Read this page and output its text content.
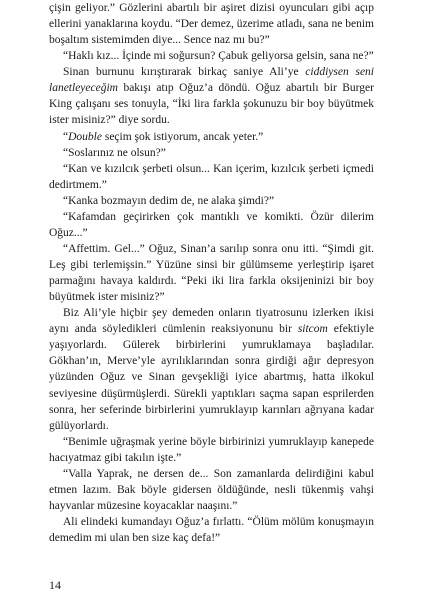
çişin geliyor.” Gözlerini abartılı bir aşiret dizisi oyuncuları gibi açıp ellerini yanaklarına koydu. “Der demez, üzerime atladı, sana ne benim boşaltım sistemimden diye... Sence naz mı bu?”

“Haklı kız... İçinde mi soğursun? Çabuk geliyorsa gelsin, sana ne?”

Sinan burnunu kırıştırarak birkaç saniye Ali’ye ciddiysen seni lanetleyeceğim bakışı atıp Oğuz’a döndü. Oğuz abartılı bir Burger King çalışanı ses tonuyla, “İki lira farkla şokunuzu bir boy büyütmek ister misiniz?” diye sordu.

“Double seçim şok istiyorum, ancak yeter.”

“Soslarınız ne olsun?”

“Kan ve kızılcık şerbeti olsun... Kan içerim, kızılcık şerbeti içmedi dedirtmem.”

“Kanka bozmayın dedim de, ne alaka şimdi?”

“Kafamdan geçirirken çok mantıklı ve komikti. Özür dilerim Oğuz...”

“Affettim. Gel...” Oğuz, Sinan’a sarılıp sonra onu itti. “Şimdi git. Leş gibi terlemişsin.” Yüzüne sinsi bir gülümseme yerleştirip işaret parmağını havaya kaldırdı. “Peki iki lira farkla oksijeninizi bir boy büyütmek ister misiniz?”

Biz Ali’yle hiçbir şey demeden onların tiyatrosunu izlerken ikisi aynı anda söyledikleri cümlenin reaksiyonunu bir sitcom efektiyle yaşıyorlardı. Gülerek birbirlerini yumruklamaya başladılar. Gökhan’ın, Merve’yle ayrılıklarından sonra girdiği ağır depresyon yüzünden Oğuz ve Sinan gevşekliği iyice abartmış, hatta ilkokul seviyesine düşürmüşlerdi. Sürekli yaptıkları saçma sapan esprilerden sonra, her seferinde birbirlerini yumruklayıp karınları ağrıyana kadar gülüyorlardı.

“Benimle uğraşmak yerine böyle birbirinizi yumruklayıp kanepede hacıyatmaz gibi takılın işte.”

“Valla Yaprak, ne dersen de... Son zamanlarda delirdiğini kabul etmen lazım. Bak böyle gidersen öldüğünde, nesli tükenmiş vahşi hayvanlar müzesine koyacaklar naaşını.”

Ali elindeki kumandayı Oğuz’a fırlattı. “Ölüm mölüm konuşmayın demedim mi ulan ben size kaç defa!”

14
